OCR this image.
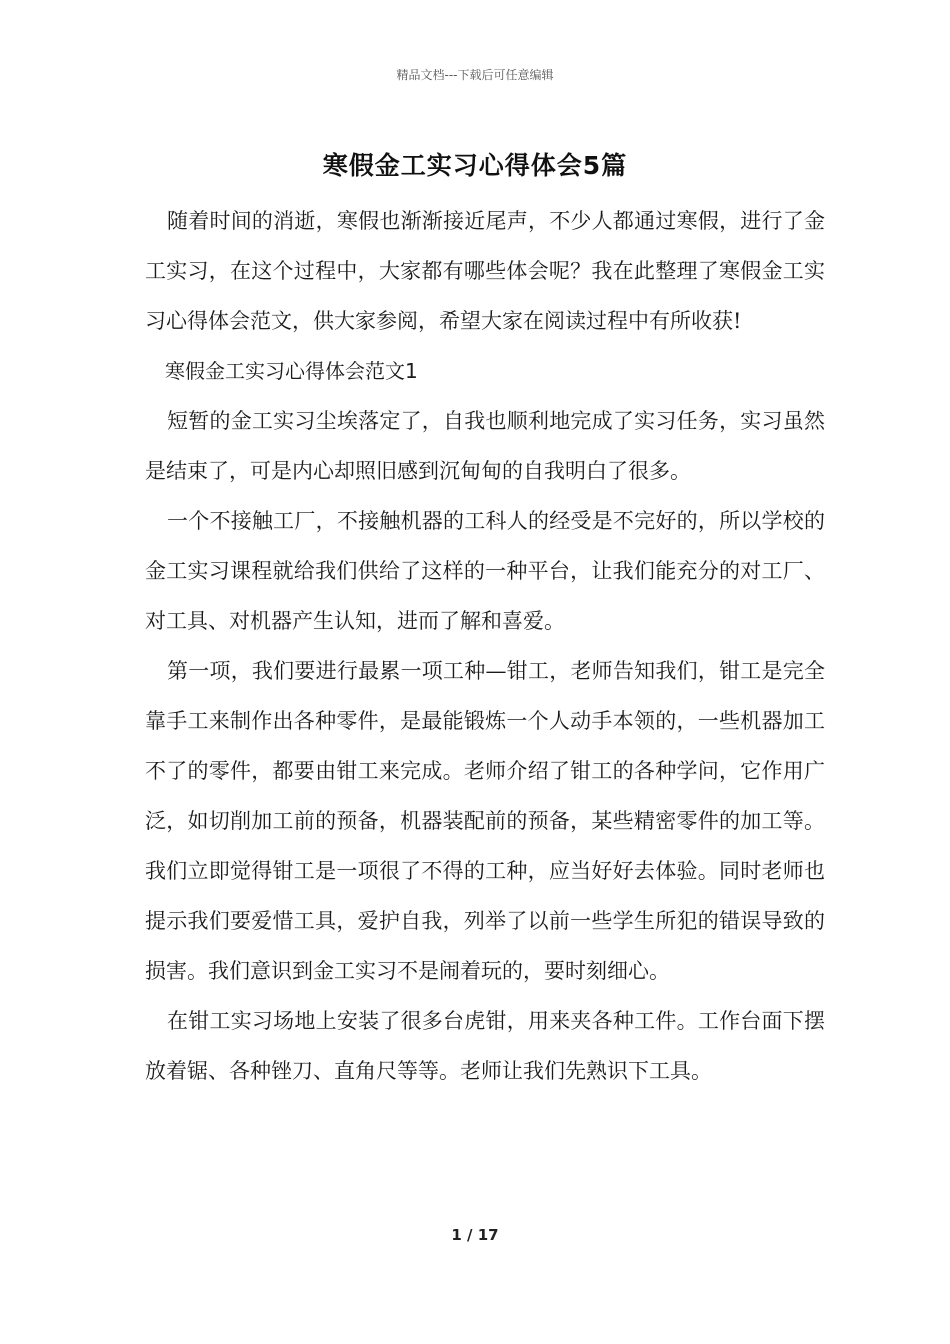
精品文档---下载后可任意编辑
寒假金工实习心得体会5篇

随着时间的消逝，寒假也渐渐接近尾声，不少人都通过寒假，进行了金工实习，在这个过程中，大家都有哪些体会呢？我在此整理了寒假金工实习心得体会范文，供大家参阅，希望大家在阅读过程中有所收获!

寒假金工实习心得体会范文1

短暂的金工实习尘埃落定了，自我也顺利地完成了实习任务，实习虽然是结束了，可是内心却照旧感到沉甸甸的自我明白了很多。

一个不接触工厂，不接触机器的工科人的经受是不完好的，所以学校的金工实习课程就给我们供给了这样的一种平台，让我们能充分的对工厂、对工具、对机器产生认知，进而了解和喜爱。

第一项，我们要进行最累一项工种—钳工，老师告知我们，钳工是完全靠手工来制作出各种零件，是最能锻炼一个人动手本领的，一些机器加工不了的零件，都要由钳工来完成。老师介绍了钳工的各种学问，它作用广泛，如切削加工前的预备，机器装配前的预备，某些精密零件的加工等。我们立即觉得钳工是一项很了不得的工种，应当好好去体验。同时老师也提示我们要爱惜工具，爱护自我，列举了以前一些学生所犯的错误导致的损害。我们意识到金工实习不是闹着玩的，要时刻细心。

在钳工实习场地上安装了很多台虎钳，用来夹各种工件。工作台面下摆放着锯、各种锉刀、直角尺等等。老师让我们先熟识下工具。

1 / 17
